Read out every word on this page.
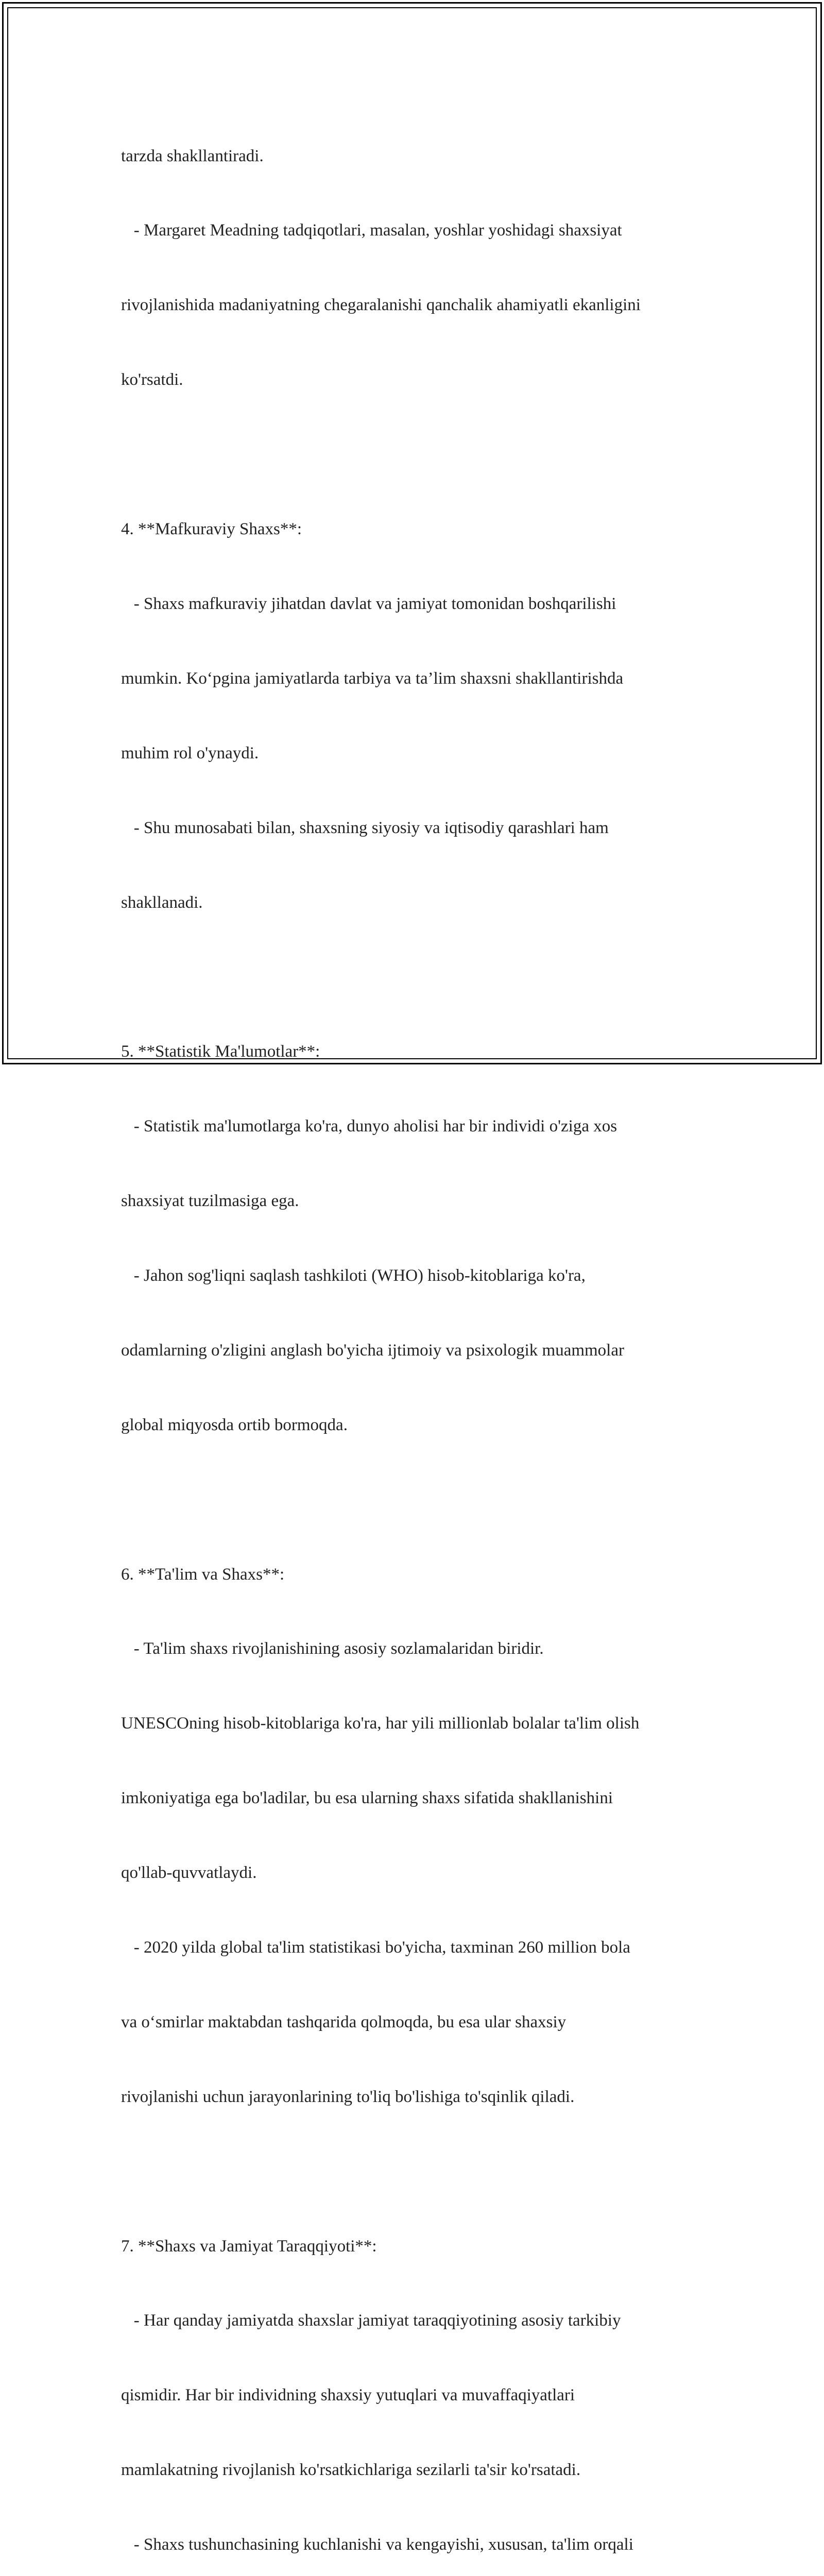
tarzda shakllantiradi.

- Margaret Meadning tadqiqotlari, masalan, yoshlar yoshidagi shaxsiyat

rivojlanishida madaniyatning chegaralanishi qanchalik ahamiyatli ekanligini

ko'rsatdi.

4. **Mafkuraviy Shaxs**:

- Shaxs mafkuraviy jihatdan davlat va jamiyat tomonidan boshqarilishi

mumkin. Ko‘pgina jamiyatlarda tarbiya va ta’lim shaxsni shakllantirishda

muhim rol o'ynaydi.

- Shu munosabati bilan, shaxsning siyosiy va iqtisodiy qarashlari ham

shakllanadi.

5. **Statistik Ma'lumotlar**:

- Statistik ma'lumotlarga ko'ra, dunyo aholisi har bir individi o'ziga xos

shaxsiyat tuzilmasiga ega.

- Jahon sog'liqni saqlash tashkiloti (WHO) hisob-kitoblariga ko'ra,

odamlarning o'zligini anglash bo'yicha ijtimoiy va psixologik muammolar

global miqyosda ortib bormoqda.

6. **Ta'lim va Shaxs**:

- Ta'lim shaxs rivojlanishining asosiy sozlamalaridan biridir.

UNESCOning hisob-kitoblariga ko'ra, har yili millionlab bolalar ta'lim olish

imkoniyatiga ega bo'ladilar, bu esa ularning shaxs sifatida shakllanishini

qo'llab-quvvatlaydi.

- 2020 yilda global ta'lim statistikasi bo'yicha, taxminan 260 million bola

va o‘smirlar maktabdan tashqarida qolmoqda, bu esa ular shaxsiy

rivojlanishi uchun jarayonlarining to'liq bo'lishiga to'sqinlik qiladi.

7. **Shaxs va Jamiyat Taraqqiyoti**:

- Har qanday jamiyatda shaxslar jamiyat taraqqiyotining asosiy tarkibiy

qismidir. Har bir individning shaxsiy yutuqlari va muvaffaqiyatlari

mamlakatning rivojlanish ko'rsatkichlariga sezilarli ta'sir ko'rsatadi.

- Shaxs tushunchasining kuchlanishi va kengayishi, xususan, ta'lim orqali
